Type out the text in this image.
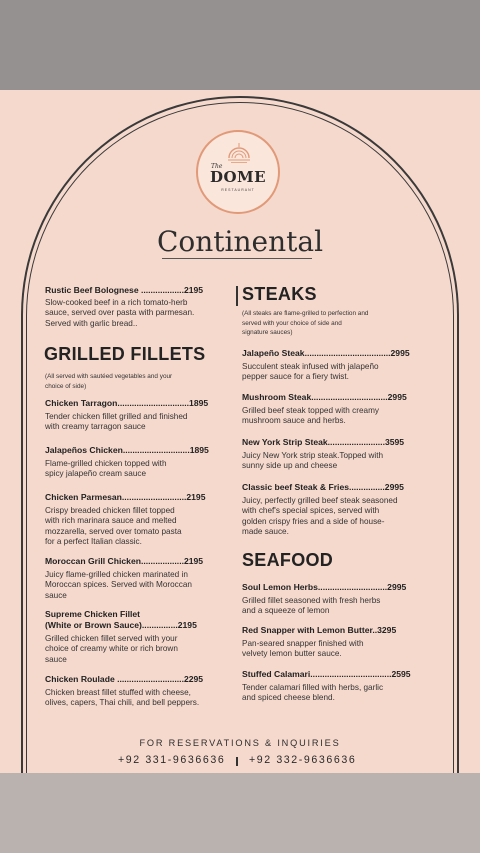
The
DOME
RESTAURANT
Continental
Rustic Beef Bolognese ..................2195
Slow-cooked beef in a rich tomato-herb
sauce, served over pasta with parmesan.
Served with garlic bread..
GRILLED FILLETS
(All served with sautéed vegetables and your
choice of side)
Chicken Tarragon..............................1895
Tender chicken fillet grilled and finished
with creamy tarragon sauce
Jalapeños Chicken............................1895
Flame-grilled chicken topped with
spicy jalapeño cream sauce
Chicken Parmesan...........................2195
Crispy breaded chicken fillet topped
with rich marinara sauce and melted
mozzarella, served over tomato pasta
for a perfect Italian classic.
Moroccan Grill Chicken..................2195
Juicy flame-grilled chicken marinated in
Moroccan spices. Served with Moroccan
sauce
Supreme Chicken Fillet
(White or Brown Sauce)...............2195
Grilled chicken fillet served with your
choice of creamy white or rich brown
sauce
Chicken Roulade ............................2295
Chicken breast fillet stuffed with cheese,
olives, capers, Thai chili, and bell peppers.
STEAKS
(All steaks are flame-grilled to perfection and
served with your choice of side and
signature sauces)
Jalapeño Steak....................................2995
Succulent steak infused with jalapeño
pepper sauce for a fiery twist.
Mushroom Steak................................2995
Grilled beef steak topped with creamy
mushroom sauce and herbs.
New York Strip Steak........................3595
Juicy New York strip steak.Topped with
sunny side up and cheese
Classic beef Steak & Fries...............2995
Juicy, perfectly grilled beef steak seasoned
with chef's special spices, served with
golden crispy fries and a side of house-
made sauce.
SEAFOOD
Soul Lemon Herbs.............................2995
Grilled fillet seasoned with fresh herbs
and a squeeze of lemon
Red Snapper with Lemon Butter..3295
Pan-seared snapper finished with
velvety lemon butter sauce.
Stuffed Calamari..................................2595
Tender calamari filled with herbs, garlic
and spiced cheese blend.
FOR RESERVATIONS & INQUIRIES
+92 331-9636636 +92 332-9636636
